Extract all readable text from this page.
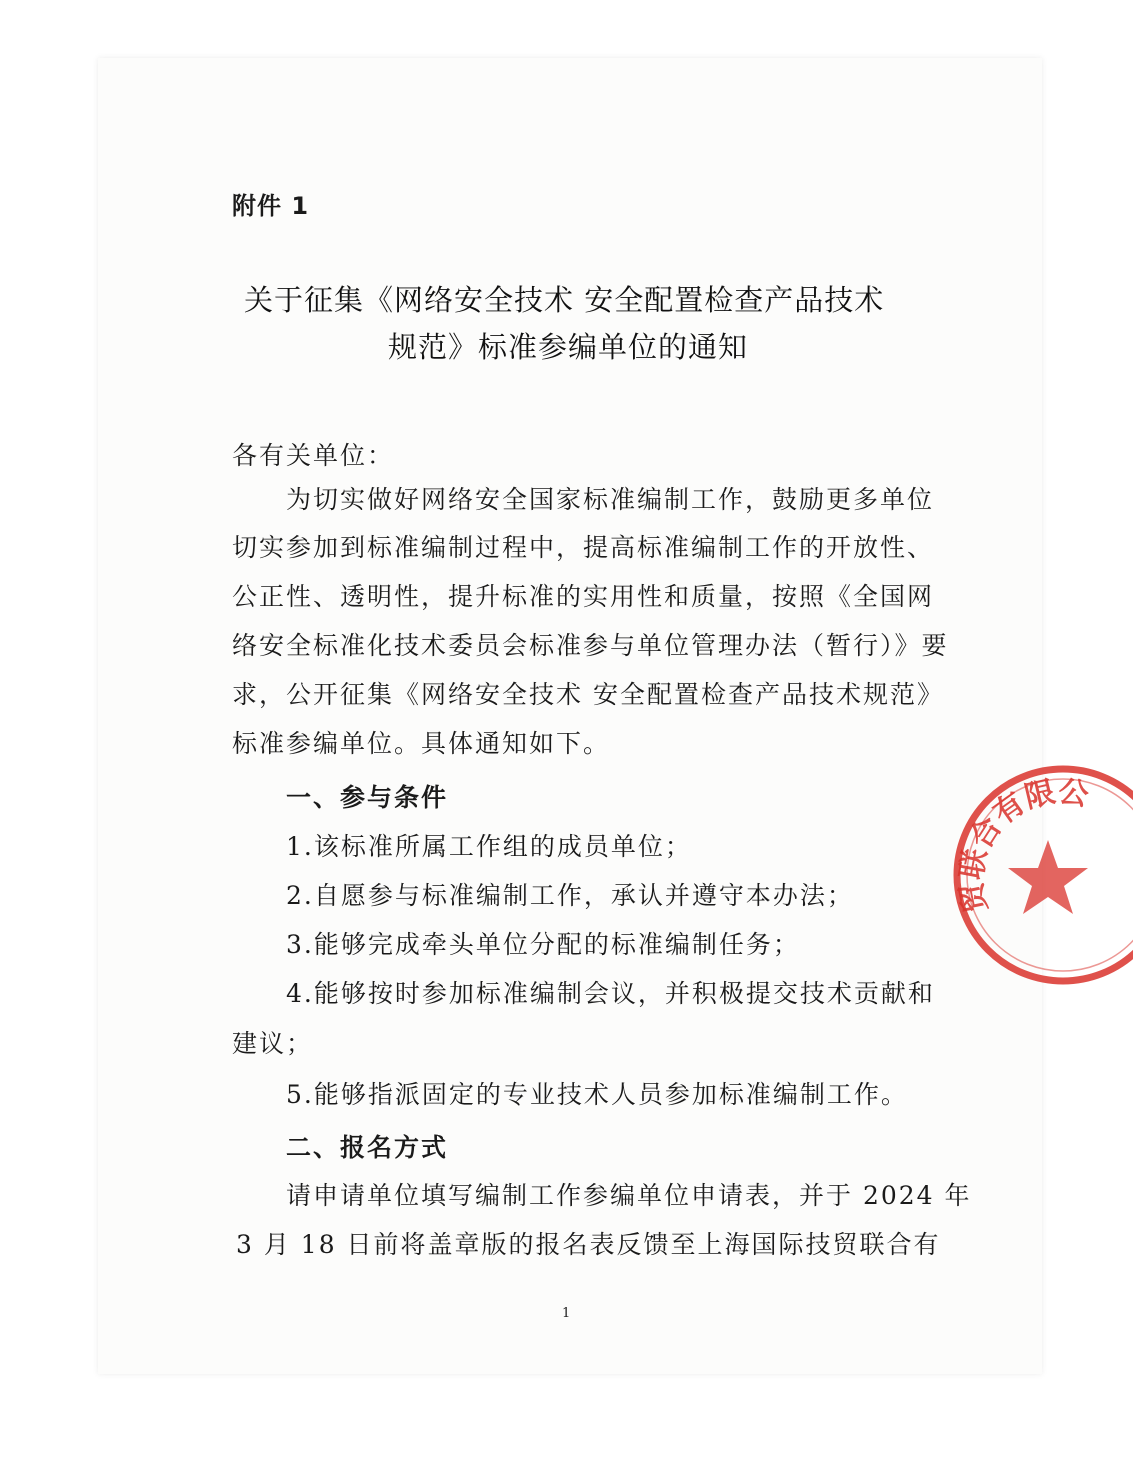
附件 1
关于征集《网络安全技术 安全配置检查产品技术
规范》标准参编单位的通知
各有关单位：
为切实做好网络安全国家标准编制工作，鼓励更多单位
切实参加到标准编制过程中，提高标准编制工作的开放性、
公正性、透明性，提升标准的实用性和质量，按照《全国网
络安全标准化技术委员会标准参与单位管理办法（暂行）》要
求，公开征集《网络安全技术 安全配置检查产品技术规范》
标准参编单位。具体通知如下。
一、参与条件
1.该标准所属工作组的成员单位；
2.自愿参与标准编制工作，承认并遵守本办法；
3.能够完成牵头单位分配的标准编制任务；
4.能够按时参加标准编制会议，并积极提交技术贡献和
建议；
5.能够指派固定的专业技术人员参加标准编制工作。
二、报名方式
请申请单位填写编制工作参编单位申请表，并于 2024 年
3 月 18 日前将盖章版的报名表反馈至上海国际技贸联合有
1
贸联合有限公
